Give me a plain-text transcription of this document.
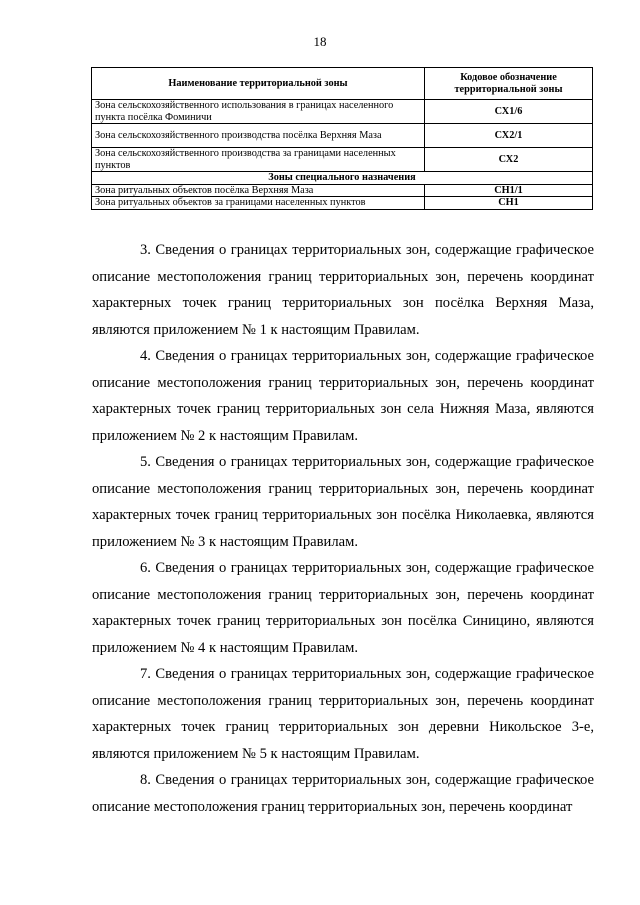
18
Наименование территориальной зоны	Кодовое обозначение территориальной зоны
Зона сельскохозяйственного использования в границах населенного пункта посёлка Фоминичи	СХ1/6
Зона сельскохозяйственного производства посёлка Верхняя Маза	СХ2/1
Зона сельскохозяйственного производства за границами населенных пунктов	СХ2
Зоны специального назначения	
Зона ритуальных объектов посёлка Верхняя Маза	СН1/1
Зона ритуальных объектов за границами населенных пунктов	СН1

3. Сведения о границах территориальных зон, содержащие графическое описание местоположения границ территориальных зон, перечень координат характерных точек границ территориальных зон посёлка Верхняя Маза, являются приложением № 1 к настоящим Правилам.

4. Сведения о границах территориальных зон, содержащие графическое описание местоположения границ территориальных зон, перечень координат характерных точек границ территориальных зон села Нижняя Маза, являются приложением № 2 к настоящим Правилам.

5. Сведения о границах территориальных зон, содержащие графическое описание местоположения границ территориальных зон, перечень координат характерных точек границ территориальных зон посёлка Николаевка, являются приложением № 3 к настоящим Правилам.

6. Сведения о границах территориальных зон, содержащие графическое описание местоположения границ территориальных зон, перечень координат характерных точек границ территориальных зон посёлка Синицино, являются приложением № 4 к настоящим Правилам.

7. Сведения о границах территориальных зон, содержащие графическое описание местоположения границ территориальных зон, перечень координат характерных точек границ территориальных зон деревни Никольское 3-е, являются приложением № 5 к настоящим Правилам.

8. Сведения о границах территориальных зон, содержащие графическое описание местоположения границ территориальных зон, перечень координат
